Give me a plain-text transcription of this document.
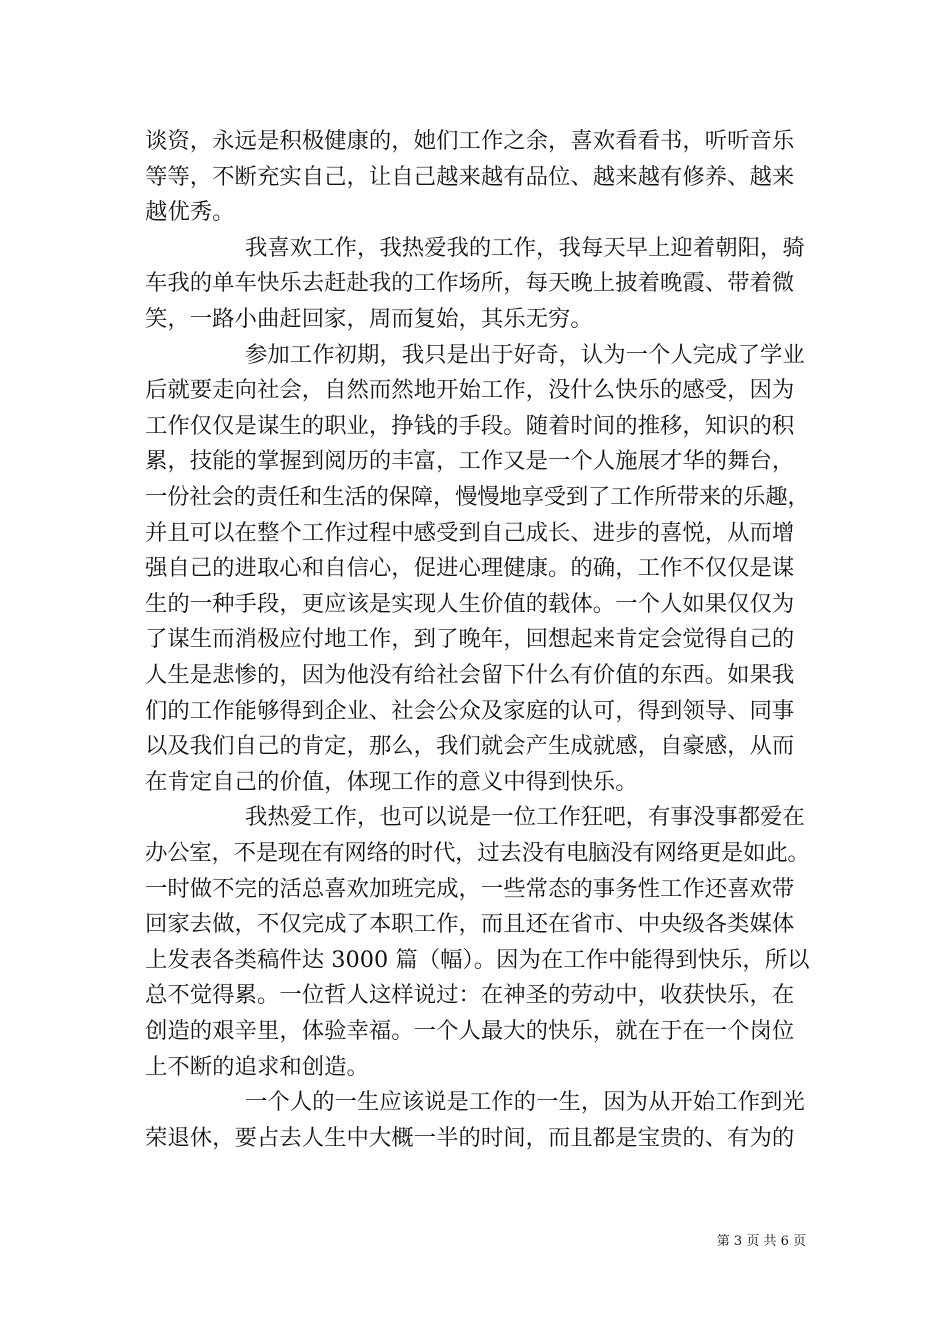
谈资，永远是积极健康的，她们工作之余，喜欢看看书，听听音乐
等等，不断充实自己，让自己越来越有品位、越来越有修养、越来
越优秀。
我喜欢工作，我热爱我的工作，我每天早上迎着朝阳，骑
车我的单车快乐去赶赴我的工作场所，每天晚上披着晚霞、带着微
笑，一路小曲赶回家，周而复始，其乐无穷。
参加工作初期，我只是出于好奇，认为一个人完成了学业
后就要走向社会，自然而然地开始工作，没什么快乐的感受，因为
工作仅仅是谋生的职业，挣钱的手段。随着时间的推移，知识的积
累，技能的掌握到阅历的丰富，工作又是一个人施展才华的舞台，
一份社会的责任和生活的保障，慢慢地享受到了工作所带来的乐趣，
并且可以在整个工作过程中感受到自己成长、进步的喜悦，从而增
强自己的进取心和自信心，促进心理健康。的确，工作不仅仅是谋
生的一种手段，更应该是实现人生价值的载体。一个人如果仅仅为
了谋生而消极应付地工作，到了晚年，回想起来肯定会觉得自己的
人生是悲惨的，因为他没有给社会留下什么有价值的东西。如果我
们的工作能够得到企业、社会公众及家庭的认可，得到领导、同事
以及我们自己的肯定，那么，我们就会产生成就感，自豪感，从而
在肯定自己的价值，体现工作的意义中得到快乐。
我热爱工作，也可以说是一位工作狂吧，有事没事都爱在
办公室，不是现在有网络的时代，过去没有电脑没有网络更是如此。
一时做不完的活总喜欢加班完成，一些常态的事务性工作还喜欢带
回家去做，不仅完成了本职工作，而且还在省市、中央级各类媒体
上发表各类稿件达 3000 篇（幅）。因为在工作中能得到快乐，所以
总不觉得累。一位哲人这样说过：在神圣的劳动中，收获快乐，在
创造的艰辛里，体验幸福。一个人最大的快乐，就在于在一个岗位
上不断的追求和创造。
一个人的一生应该说是工作的一生，因为从开始工作到光
荣退休，要占去人生中大概一半的时间，而且都是宝贵的、有为的
第 3 页 共 6 页
